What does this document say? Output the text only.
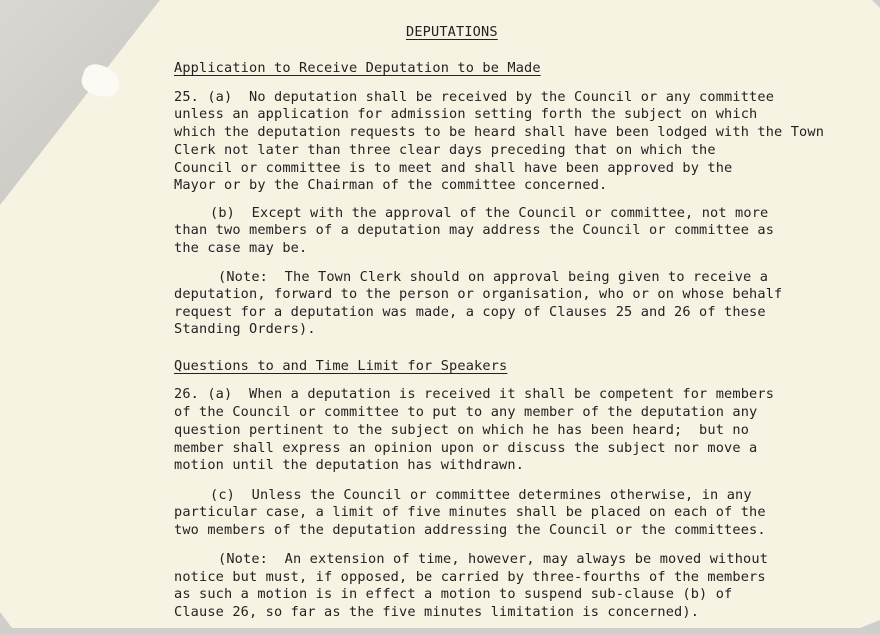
DEPUTATIONS
Application to Receive Deputation to be Made
25. (a)  No deputation shall be received by the Council or any committee
unless an application for admission setting forth the subject on which
which the deputation requests to be heard shall have been lodged with the Town
Clerk not later than three clear days preceding that on which the
Council or committee is to meet and shall have been approved by the
Mayor or by the Chairman of the committee concerned.
(b)  Except with the approval of the Council or committee, not more
than two members of a deputation may address the Council or committee as
the case may be.
(Note:  The Town Clerk should on approval being given to receive a
deputation, forward to the person or organisation, who or on whose behalf
request for a deputation was made, a copy of Clauses 25 and 26 of these
Standing Orders).
Questions to and Time Limit for Speakers
26. (a)  When a deputation is received it shall be competent for members
of the Council or committee to put to any member of the deputation any
question pertinent to the subject on which he has been heard;  but no
member shall express an opinion upon or discuss the subject nor move a
motion until the deputation has withdrawn.
(c)  Unless the Council or committee determines otherwise, in any
particular case, a limit of five minutes shall be placed on each of the
two members of the deputation addressing the Council or the committees.
(Note:  An extension of time, however, may always be moved without
notice but must, if opposed, be carried by three-fourths of the members
as such a motion is in effect a motion to suspend sub-clause (b) of
Clause 26, so far as the five minutes limitation is concerned).
